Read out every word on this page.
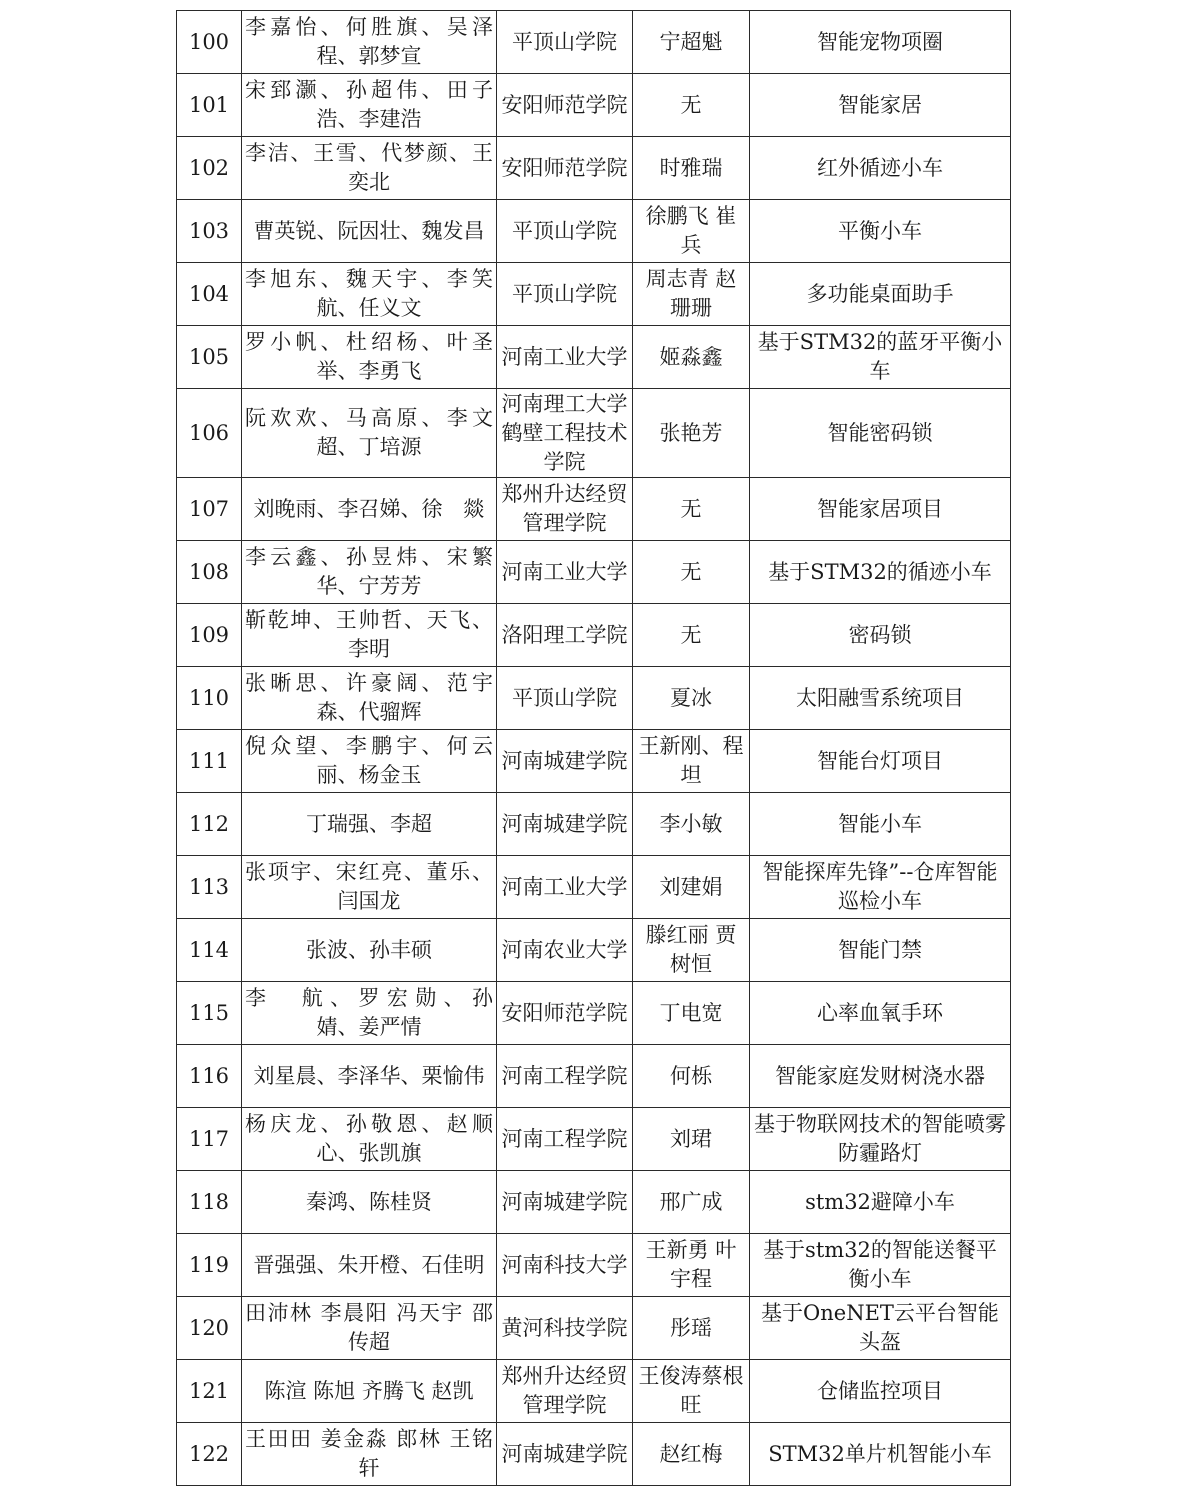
100	李嘉怡、何胜旗、吴泽程、郭梦宣	平顶山学院	宁超魁	智能宠物项圈
101	宋郅灏、孙超伟、田子浩、李建浩	安阳师范学院	无	智能家居
102	李洁、王雪、代梦颜、王奕北	安阳师范学院	时雅瑞	红外循迹小车
103	曹英锐、阮因壮、魏发昌	平顶山学院	徐鹏飞 崔兵	平衡小车
104	李旭东、魏天宇、李笑航、任义文	平顶山学院	周志青 赵珊珊	多功能桌面助手
105	罗小帆、杜绍杨、叶圣举、李勇飞	河南工业大学	姬淼鑫	基于STM32的蓝牙平衡小车
106	阮欢欢、马高原、李文超、丁培源	河南理工大学鹤壁工程技术学院	张艳芳	智能密码锁
107	刘晚雨、李召娣、徐　燚	郑州升达经贸管理学院	无	智能家居项目
108	李云鑫、孙昱炜、宋繁华、宁芳芳	河南工业大学	无	基于STM32的循迹小车
109	靳乾坤、王帅哲、天飞、李明	洛阳理工学院	无	密码锁
110	张晰思、许豪阔、范宇森、代骝辉	平顶山学院	夏冰	太阳融雪系统项目
111	倪众望、李鹏宇、何云丽、杨金玉	河南城建学院	王新刚、程坦	智能台灯项目
112	丁瑞强、李超	河南城建学院	李小敏	智能小车
113	张项宇、宋红亮、董乐、闫国龙	河南工业大学	刘建娟	智能探库先锋”--仓库智能巡检小车
114	张波、孙丰硕	河南农业大学	滕红丽 贾树恒	智能门禁
115	李　航、罗宏勋、孙　婧、姜严情	安阳师范学院	丁电宽	心率血氧手环
116	刘星晨、李泽华、栗愉伟	河南工程学院	何栎	智能家庭发财树浇水器
117	杨庆龙、孙敬恩、赵顺心、张凯旗	河南工程学院	刘珺	基于物联网技术的智能喷雾防霾路灯
118	秦鸿、陈桂贤	河南城建学院	邢广成	stm32避障小车
119	晋强强、朱开橙、石佳明	河南科技大学	王新勇 叶宇程	基于stm32的智能送餐平衡小车
120	田沛林 李晨阳 冯天宇 邵传超	黄河科技学院	彤瑶	基于OneNET云平台智能头盔
121	陈渲 陈旭 齐腾飞 赵凯	郑州升达经贸管理学院	王俊涛蔡根旺	仓储监控项目
122	王田田 姜金淼 郎林 王铭轩	河南城建学院	赵红梅	STM32单片机智能小车
